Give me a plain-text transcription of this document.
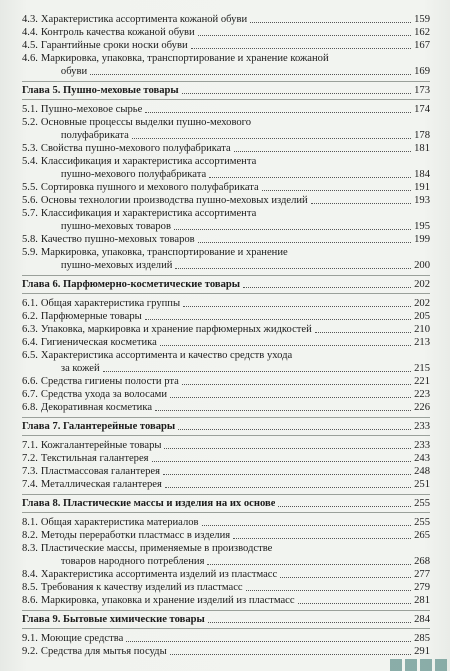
4.3. Характеристика ассортимента кожаной обуви	159
4.4. Контроль качества кожаной обуви	162
4.5. Гарантийные сроки носки обуви	167
4.6. Маркировка, упаковка, транспортирование и хранение кожаной
обуви	169
Глава 5. Пушно-меховые товары	173
5.1. Пушно-меховое сырье	174
5.2. Основные процессы выделки пушно-мехового
полуфабриката	178
5.3. Свойства пушно-мехового полуфабриката	181
5.4. Классификация и характеристика ассортимента
пушно-мехового полуфабриката	184
5.5. Сортировка пушного и мехового полуфабриката	191
5.6. Основы технологии производства пушно-меховых изделий	193
5.7. Классификация и характеристика ассортимента
пушно-меховых товаров	195
5.8. Качество пушно-меховых товаров	199
5.9. Маркировка, упаковка, транспортирование и хранение
пушно-меховых изделий	200
Глава 6. Парфюмерно-косметические товары	202
6.1. Общая характеристика группы	202
6.2. Парфюмерные товары	205
6.3. Упаковка, маркировка и хранение парфюмерных жидкостей	210
6.4. Гигиеническая косметика	213
6.5. Характеристика ассортимента и качество средств ухода
за кожей	215
6.6. Средства гигиены полости рта	221
6.7. Средства ухода за волосами	223
6.8. Декоративная косметика	226
Глава 7. Галантерейные товары	233
7.1. Кожгалантерейные товары	233
7.2. Текстильная галантерея	243
7.3. Пластмассовая галантерея	248
7.4. Металлическая галантерея	251
Глава 8. Пластические массы и изделия на их основе	255
8.1. Общая характеристика материалов	255
8.2. Методы переработки пластмасс в изделия	265
8.3. Пластические массы, применяемые в производстве
товаров народного потребления	268
8.4. Характеристика ассортимента изделий из пластмасс	277
8.5. Требования к качеству изделий из пластмасс	279
8.6. Маркировка, упаковка и хранение изделий из пластмасс	281
Глава 9. Бытовые химические товары	284
9.1. Моющие средства	285
9.2. Средства для мытья посуды	291
